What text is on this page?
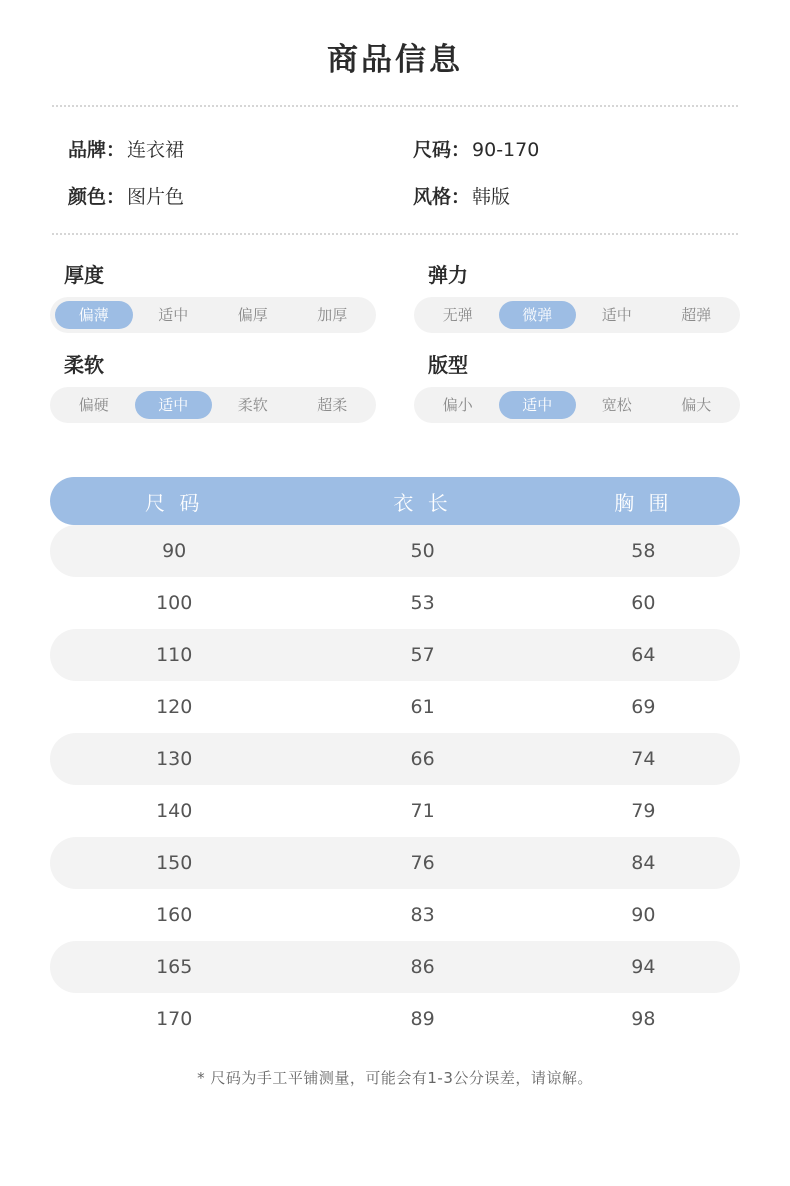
商品信息
品牌： 连衣裙	尺码： 90-170
颜色： 图片色	风格： 韩版
厚度
偏薄	适中	偏厚	加厚
弹力
无弹	微弹	适中	超弹
柔软
偏硬	适中	柔软	超柔
版型
偏小	适中	宽松	偏大
尺 码	衣 长	胸 围
90	50	58
100	53	60
110	57	64
120	61	69
130	66	74
140	71	79
150	76	84
160	83	90
165	86	94
170	89	98
* 尺码为手工平铺测量，可能会有1-3公分误差，请谅解。
